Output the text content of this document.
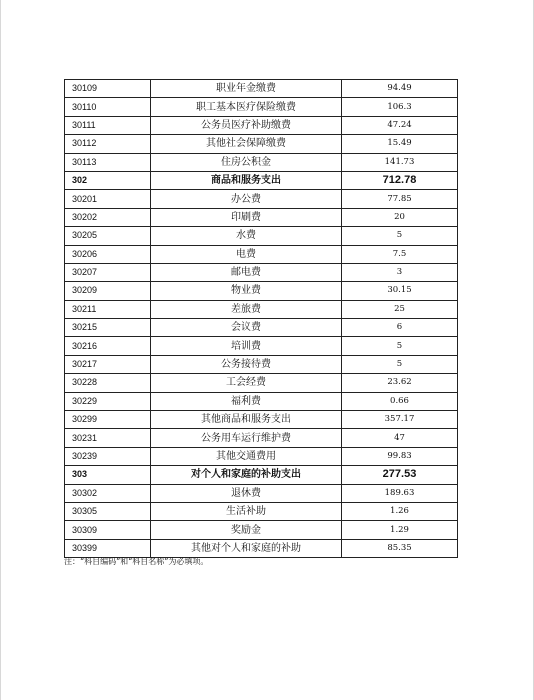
30109	职业年金缴费	94.49
30110	职工基本医疗保险缴费	106.3
30111	公务员医疗补助缴费	47.24
30112	其他社会保障缴费	15.49
30113	住房公积金	141.73
302	商品和服务支出	712.78
30201	办公费	77.85
30202	印刷费	20
30205	水费	5
30206	电费	7.5
30207	邮电费	3
30209	物业费	30.15
30211	差旅费	25
30215	会议费	6
30216	培训费	5
30217	公务接待费	5
30228	工会经费	23.62
30229	福利费	0.66
30299	其他商品和服务支出	357.17
30231	公务用车运行维护费	47
30239	其他交通费用	99.83
303	对个人和家庭的补助支出	277.53
30302	退休费	189.63
30305	生活补助	1.26
30309	奖励金	1.29
30399	其他对个人和家庭的补助	85.35
注：“科目编码”和“科目名称”为必填项。
